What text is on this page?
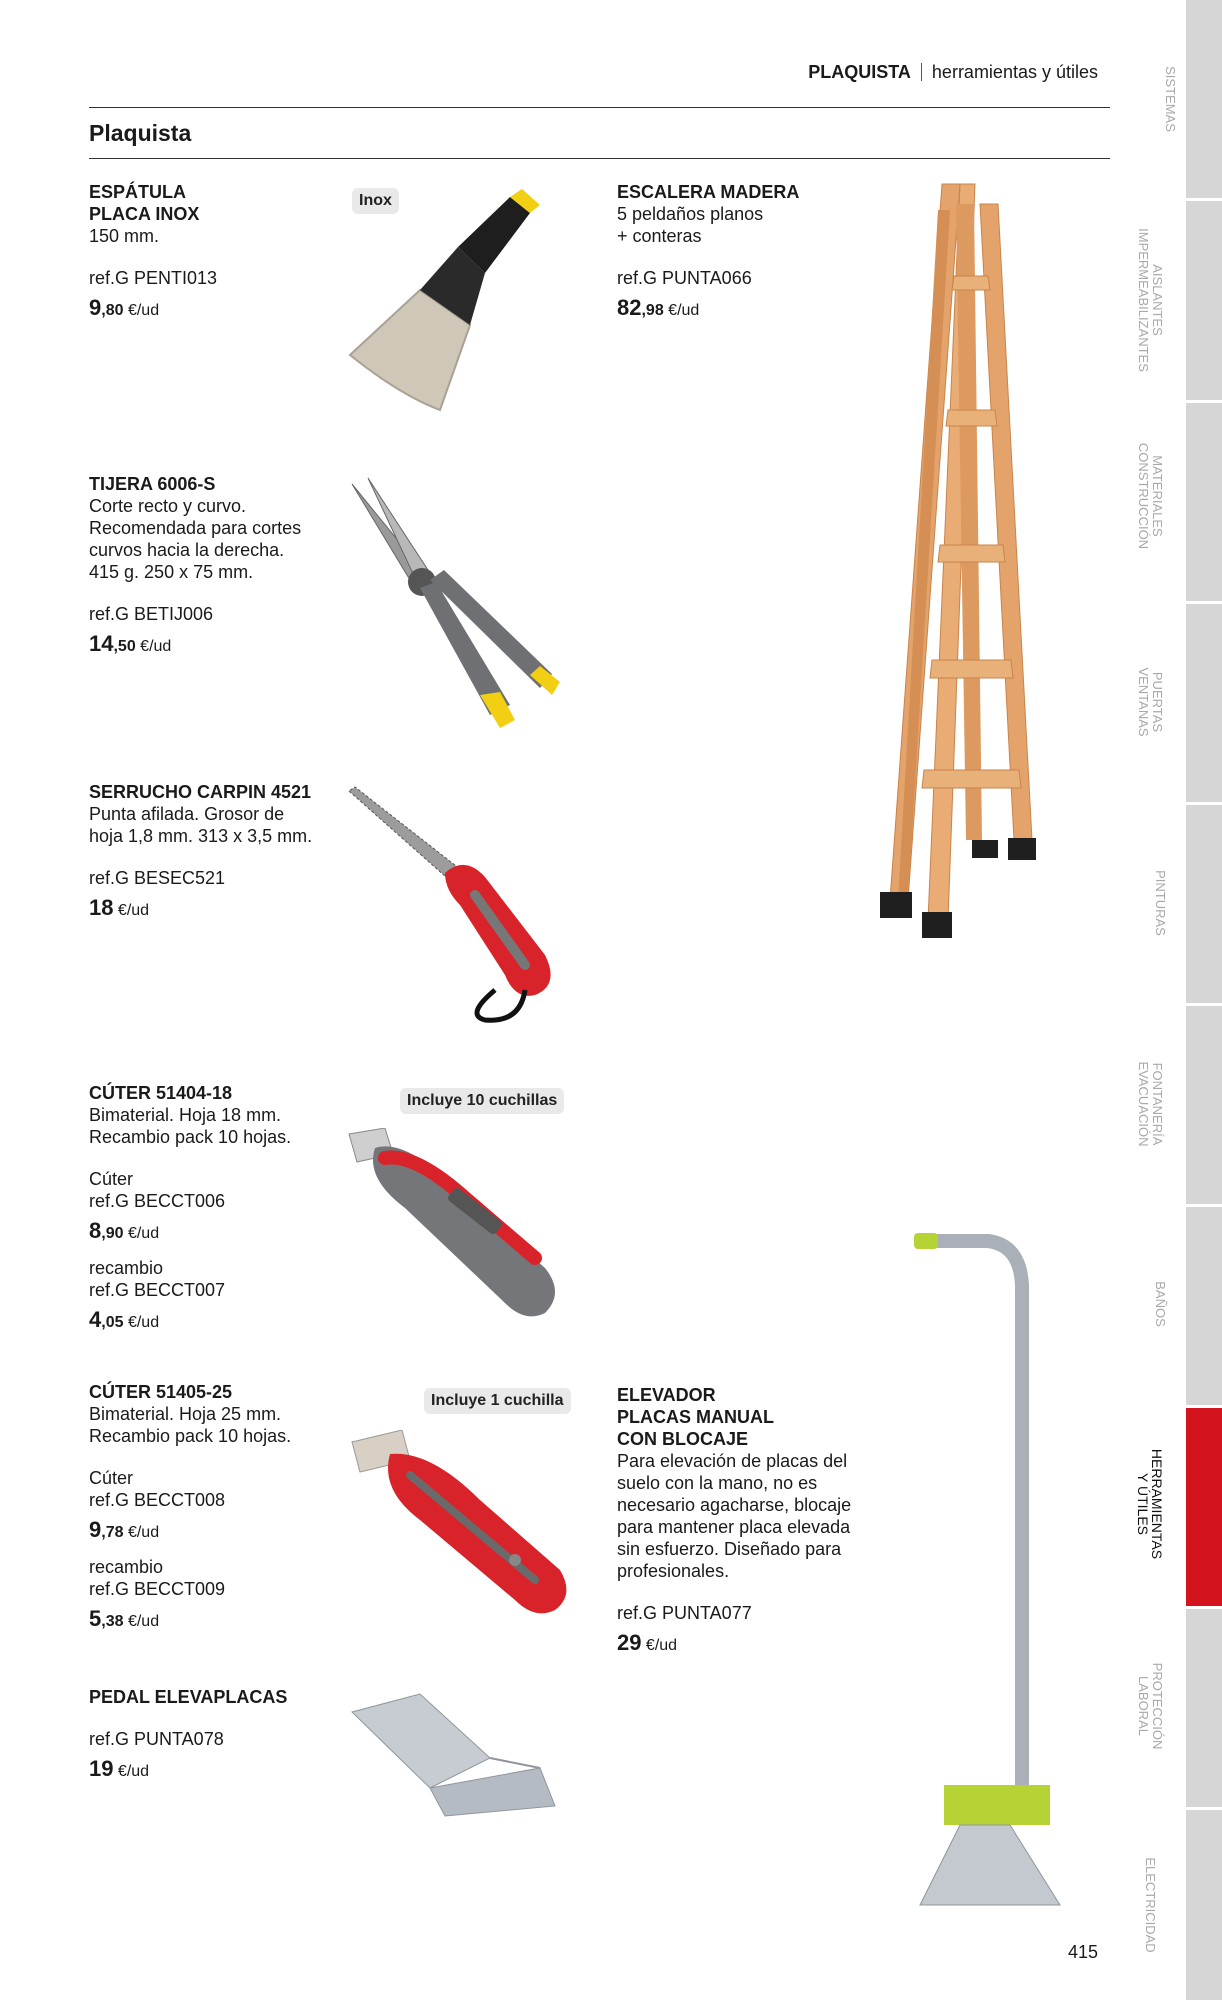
PLAQUISTA herramientas y útiles
Plaquista
ESPÁTULA
PLACA INOX
150 mm.
ref.G PENTI013
9,80 €/ud
Inox	ESCALERA MADERA
5 peldaños planos
+ conteras
ref.G PUNTA066
82,98 €/ud
TIJERA 6006-S
Corte recto y curvo.
Recomendada para cortes
curvos hacia la derecha.
415 g. 250 x 75 mm.
ref.G BETIJ006
14,50 €/ud
SERRUCHO CARPIN 4521
Punta afilada. Grosor de
hoja 1,8 mm. 313 x 3,5 mm.
ref.G BESEC521
18 €/ud
CÚTER 51404-18
Bimaterial. Hoja 18 mm.
Recambio pack 10 hojas.
Cúter
ref.G BECCT006
8,90 €/ud
recambio
ref.G BECCT007
4,05 €/ud
Incluye 10 cuchillas
CÚTER 51405-25
Bimaterial. Hoja 25 mm.
Recambio pack 10 hojas.
Cúter
ref.G BECCT008
9,78 €/ud
recambio
ref.G BECCT009
5,38 €/ud
Incluye 1 cuchilla	ELEVADOR
PLACAS MANUAL
CON BLOCAJE
Para elevación de placas del
suelo con la mano, no es
necesario agacharse, blocaje
para mantener placa elevada
sin esfuerzo. Diseñado para
profesionales.
ref.G PUNTA077
29 €/ud
PEDAL ELEVAPLACAS
ref.G PUNTA078
19 €/ud
SISTEMAS
AISLANTES
IMPERMEABILIZANTES
MATERIALES
CONSTRUCCIÓN
PUERTAS
VENTANAS
PINTURAS
FONTANERÍA
EVACUACIÓN
BAÑOS
HERRAMIENTAS
Y ÚTILES
PROTECCIÓN
LABORAL
ELECTRICIDAD
415
